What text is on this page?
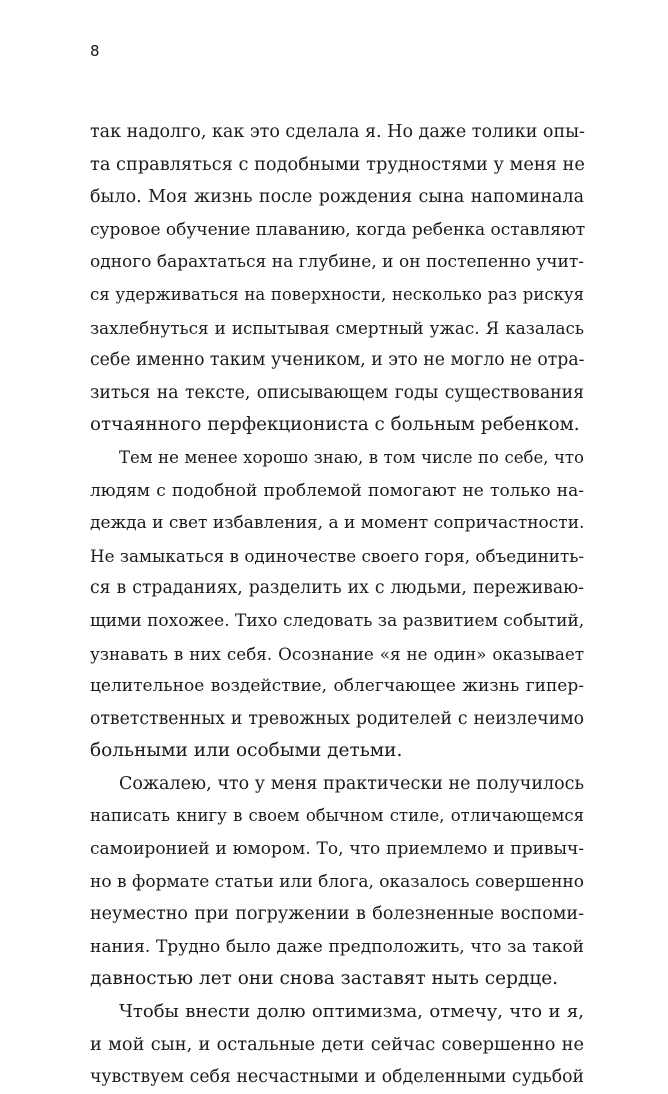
8
так надолго, как это сделала я. Но даже толики опы-
та справляться с подобными трудностями у меня не
было. Моя жизнь после рождения сына напоминала
суровое обучение плаванию, когда ребенка оставляют
одного барахтаться на глубине, и он постепенно учит-
ся удерживаться на поверхности, несколько раз рискуя
захлебнуться и испытывая смертный ужас. Я казалась
себе именно таким учеником, и это не могло не отра-
зиться на тексте, описывающем годы существования
отчаянного перфекциониста с больным ребенком.
Тем не менее хорошо знаю, в том числе по себе, что
людям с подобной проблемой помогают не только на-
дежда и свет избавления, а и момент сопричастности.
Не замыкаться в одиночестве своего горя, объединить-
ся в страданиях, разделить их с людьми, переживаю-
щими похожее. Тихо следовать за развитием событий,
узнавать в них себя. Осознание «я не один» оказывает
целительное воздействие, облегчающее жизнь гипер-
ответственных и тревожных родителей с неизлечимо
больными или особыми детьми.
Сожалею, что у меня практически не получилось
написать книгу в своем обычном стиле, отличающемся
самоиронией и юмором. То, что приемлемо и привыч-
но в формате статьи или блога, оказалось совершенно
неуместно при погружении в болезненные воспоми-
нания. Трудно было даже предположить, что за такой
давностью лет они снова заставят ныть сердце.
Чтобы внести долю оптимизма, отмечу, что и я,
и мой сын, и остальные дети сейчас совершенно не
чувствуем себя несчастными и обделенными судьбой
